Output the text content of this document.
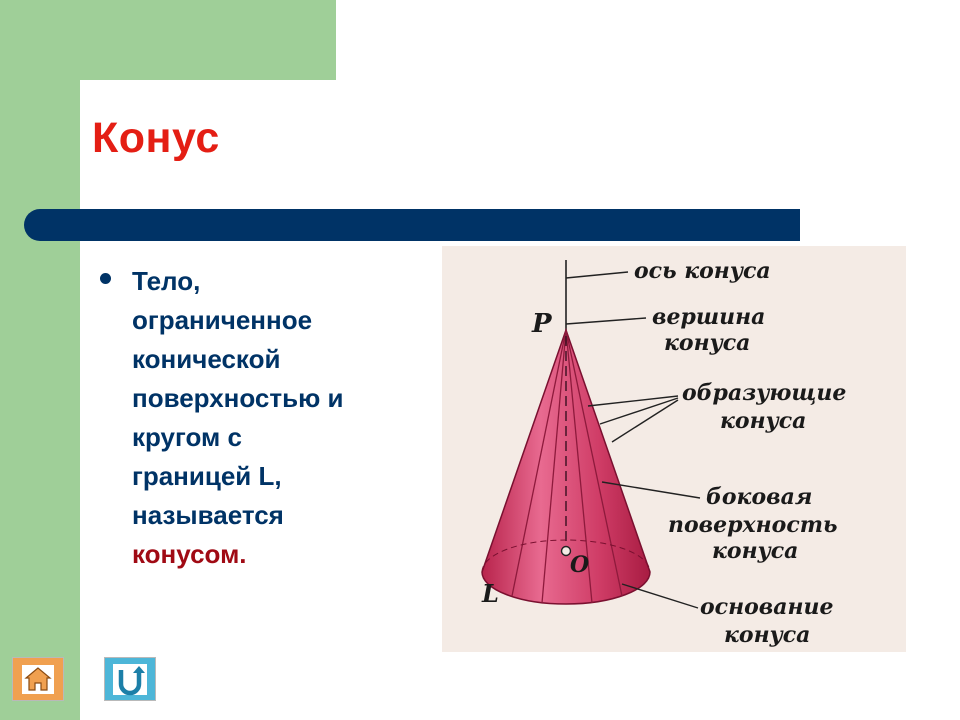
Конус
Тело,
ограниченное
конической
поверхностью и
кругом с
границей L,
называется
конусом.
P
O
L
ось конуса
вершина
конуса
образующие
конуса
боковая
поверхность
конуса
основание
конуса
